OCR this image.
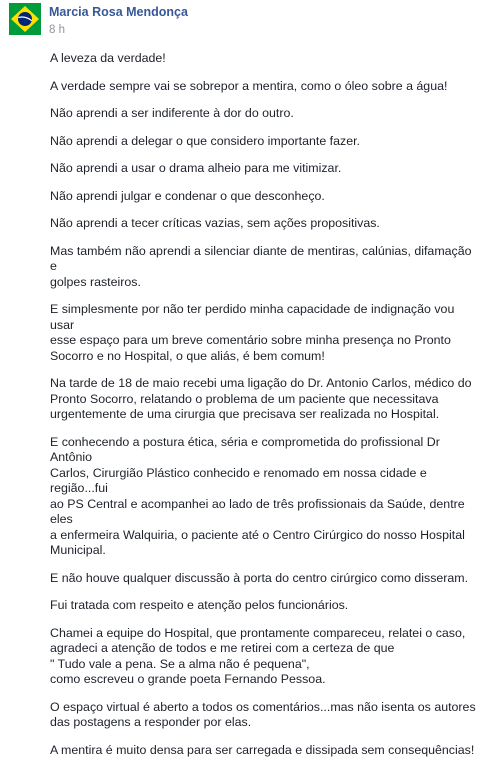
Marcia Rosa Mendonça
8 h

A leveza da verdade!

A verdade sempre vai se sobrepor a mentira, como o óleo sobre a água!

Não aprendi a ser indiferente à dor do outro.

Não aprendi a delegar o que considero importante fazer.

Não aprendi a usar o drama alheio para me vitimizar.

Não aprendi julgar e condenar o que desconheço.

Não aprendi a tecer críticas vazias, sem ações propositivas.

Mas também não aprendi a silenciar diante de mentiras, calúnias, difamação e
golpes rasteiros.

E simplesmente por não ter perdido minha capacidade de indignação vou usar
esse espaço para um breve comentário sobre minha presença no Pronto
Socorro e no Hospital, o que aliás, é bem comum!

Na tarde de 18 de maio recebi uma ligação do Dr. Antonio Carlos, médico do
Pronto Socorro, relatando o problema de um paciente que necessitava
urgentemente de uma cirurgia que precisava ser realizada no Hospital.

E conhecendo a postura ética, séria e comprometida do profissional Dr Antônio
Carlos, Cirurgião Plástico conhecido e renomado em nossa cidade e região...fui
ao PS Central e acompanhei ao lado de três profissionais da Saúde, dentre eles
a enfermeira Walquiria, o paciente até o Centro Cirúrgico do nosso Hospital
Municipal.

E não houve qualquer discussão à porta do centro cirúrgico como disseram.

Fui tratada com respeito e atenção pelos funcionários.

Chamei a equipe do Hospital, que prontamente compareceu, relatei o caso,
agradeci a atenção de todos e me retirei com a certeza de que
" Tudo vale a pena. Se a alma não é pequena",
como escreveu o grande poeta Fernando Pessoa.

O espaço virtual é aberto a todos os comentários...mas não isenta os autores
das postagens a responder por elas.

A mentira é muito densa para ser carregada e dissipada sem consequências!
